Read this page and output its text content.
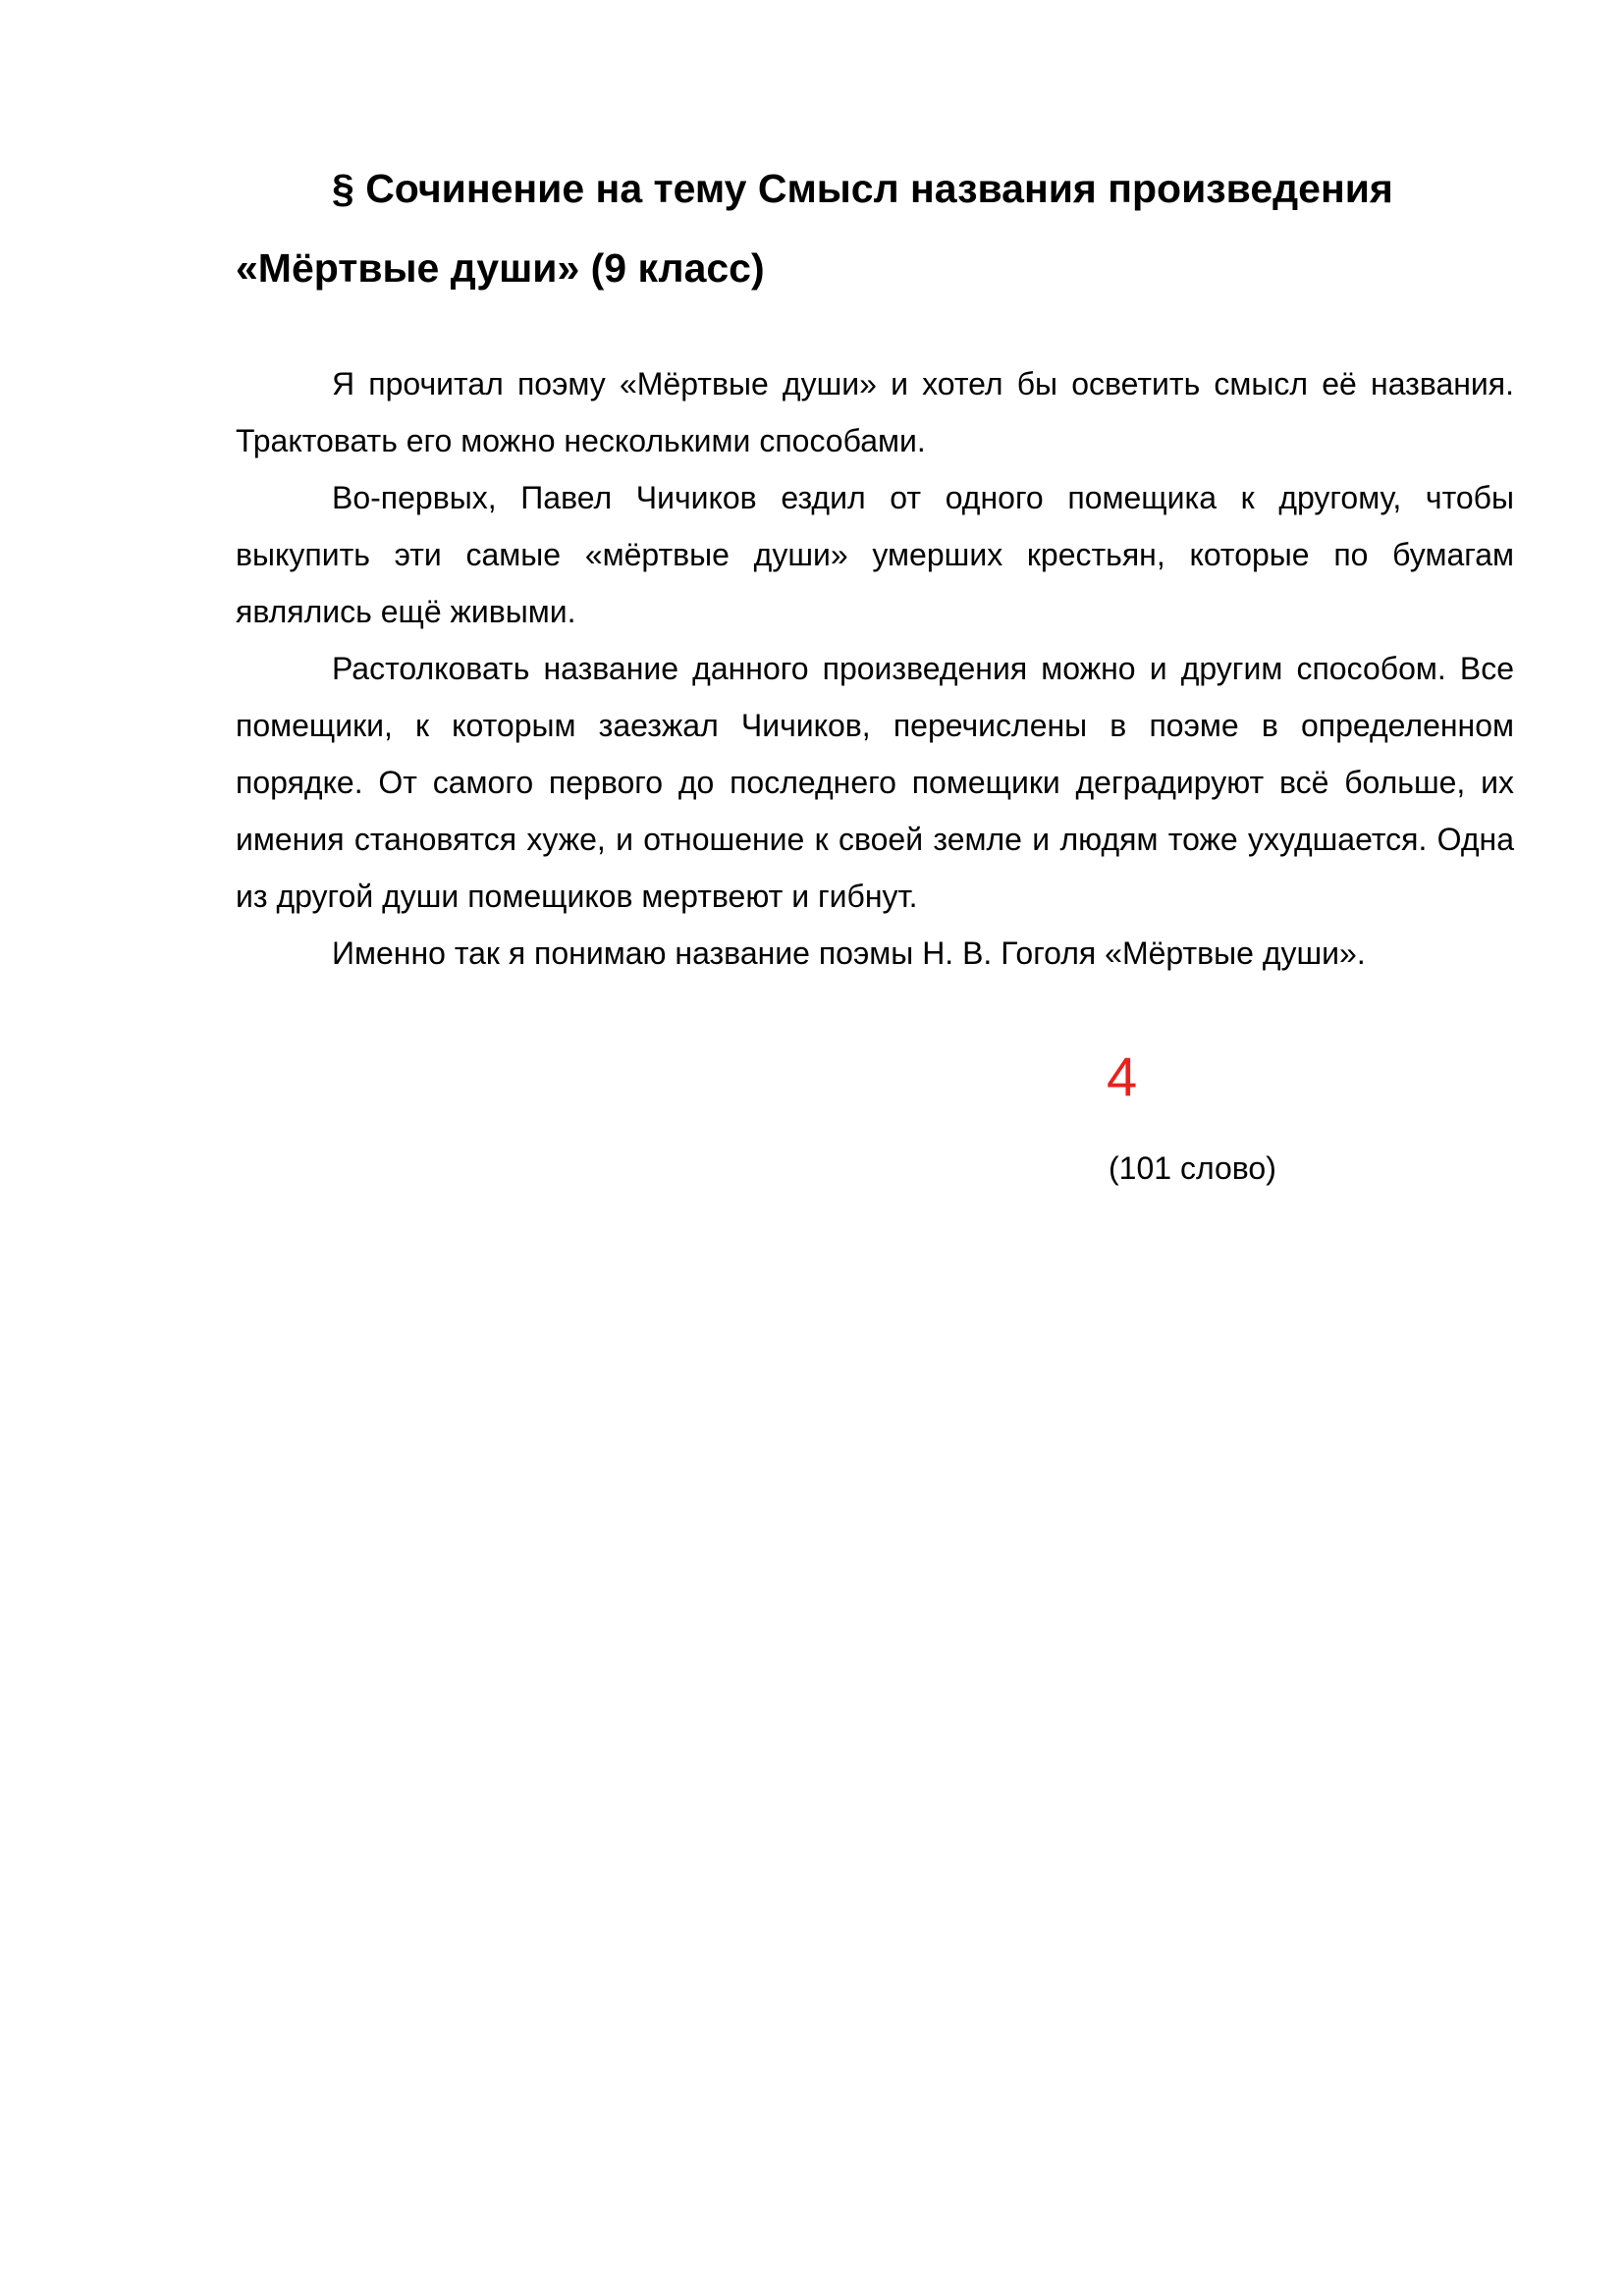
§ Сочинение на тему Смысл названия произведения «Мёртвые души» (9 класс)

Я прочитал поэму «Мёртвые души» и хотел бы осветить смысл её названия. Трактовать его можно несколькими способами.

Во-первых, Павел Чичиков ездил от одного помещика к другому, чтобы выкупить эти самые «мёртвые души» умерших крестьян, которые по бумагам являлись ещё живыми.

Растолковать название данного произведения можно и другим способом. Все помещики, к которым заезжал Чичиков, перечислены в поэме в определенном порядке. От самого первого до последнего помещики деградируют всё больше, их имения становятся хуже, и отношение к своей земле и людям тоже ухудшается. Одна из другой души помещиков мертвеют и гибнут.

Именно так я понимаю название поэмы Н. В. Гоголя «Мёртвые души».

4
(101 слово)
